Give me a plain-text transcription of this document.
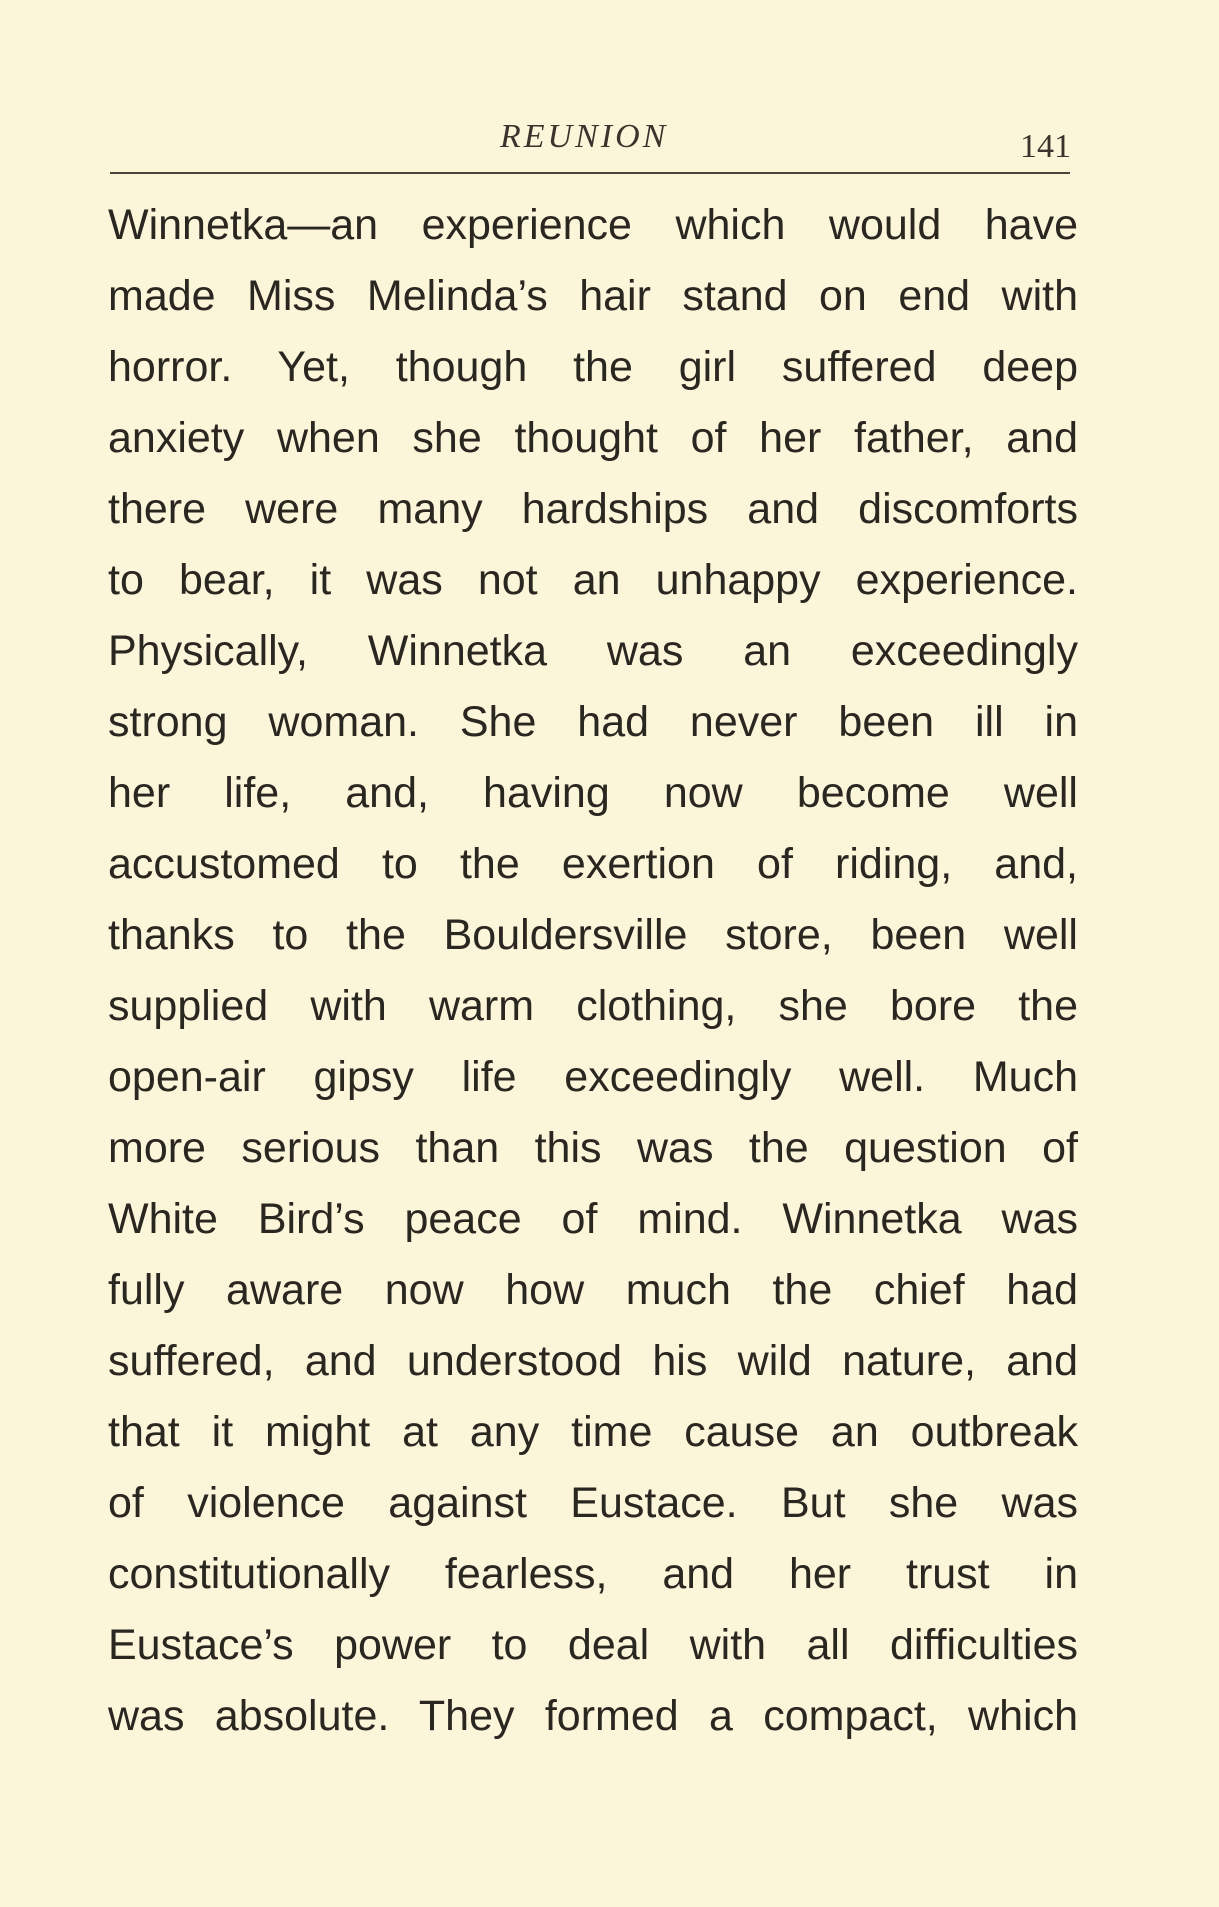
REUNION	141
Winnetka—an experience which would have
made Miss Melinda’s hair stand on end with
horror. Yet, though the girl suffered deep
anxiety when she thought of her father, and
there were many hardships and discomforts
to bear, it was not an unhappy experience.
Physically, Winnetka was an exceedingly
strong woman. She had never been ill in
her life, and, having now become well
accustomed to the exertion of riding, and,
thanks to the Bouldersville store, been well
supplied with warm clothing, she bore the
open-air gipsy life exceedingly well. Much
more serious than this was the question of
White Bird’s peace of mind. Winnetka was
fully aware now how much the chief had
suffered, and understood his wild nature, and
that it might at any time cause an outbreak
of violence against Eustace. But she was
constitutionally fearless, and her trust in
Eustace’s power to deal with all difficulties
was absolute. They formed a compact, which
